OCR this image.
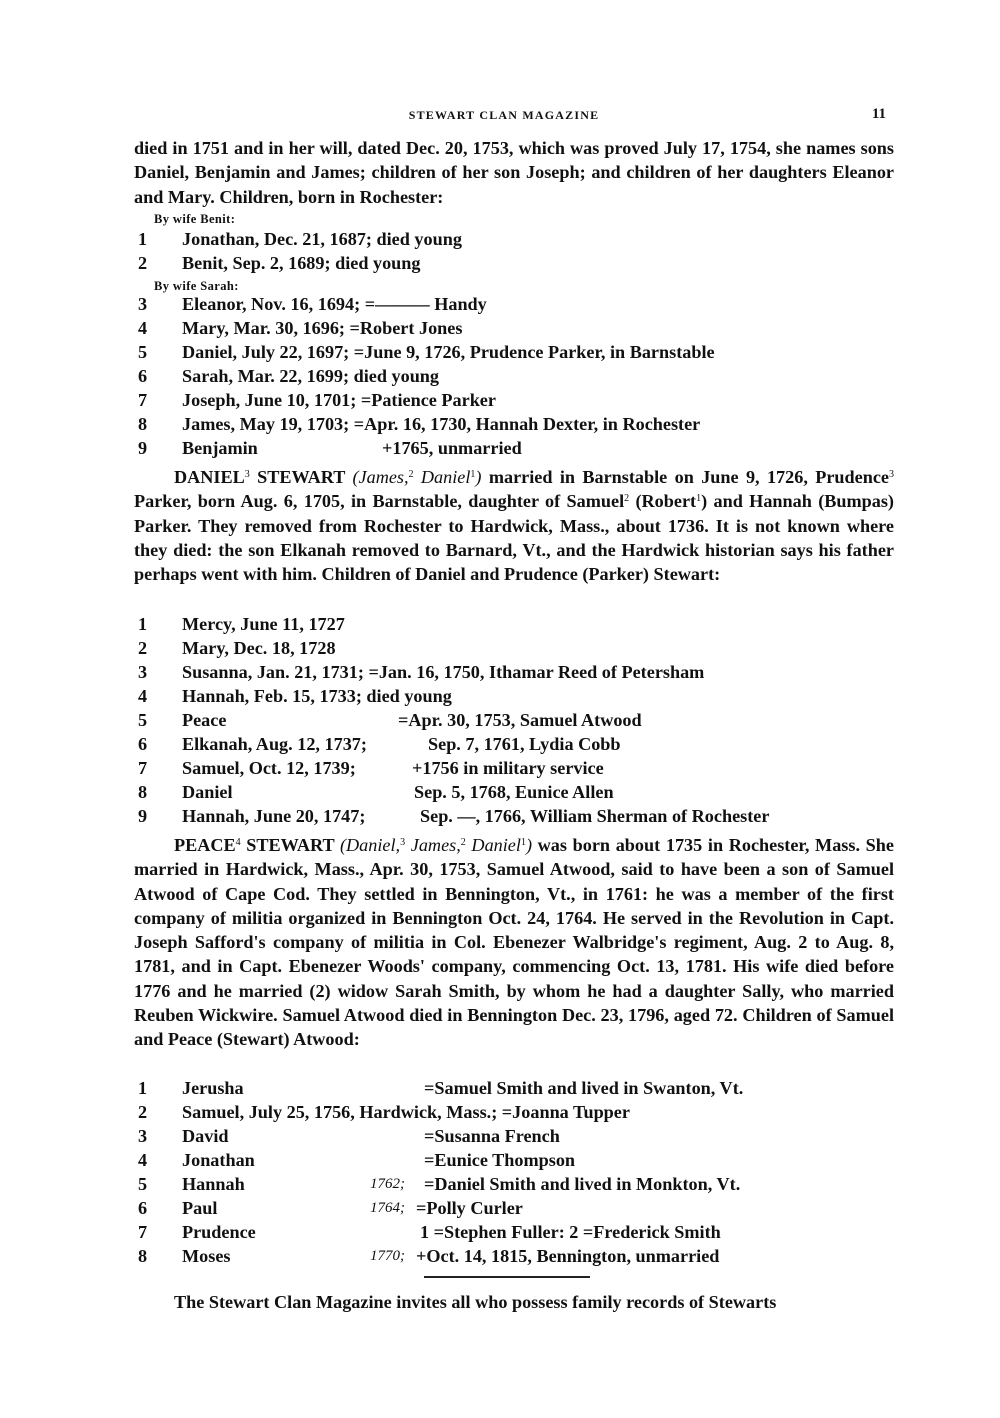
STEWART CLAN MAGAZINE	11

died in 1751 and in her will, dated Dec. 20, 1753, which was proved July 17, 1754, she names sons Daniel, Benjamin and James; children of her son Joseph; and children of her daughters Eleanor and Mary. Children, born in Rochester:

By wife Benit:
1	Jonathan, Dec. 21, 1687; died young
2	Benit, Sep. 2, 1689; died young
By wife Sarah:
3	Eleanor, Nov. 16, 1694; =——— Handy
4	Mary, Mar. 30, 1696; =Robert Jones
5	Daniel, July 22, 1697; =June 9, 1726, Prudence Parker, in Barnstable
6	Sarah, Mar. 22, 1699; died young
7	Joseph, June 10, 1701; =Patience Parker
8	James, May 19, 1703; =Apr. 16, 1730, Hannah Dexter, in Rochester
9	Benjamin	+1765, unmarried

DANIEL$^3$ STEWART (James,$^2$ Daniel$^1$) married in Barnstable on June 9, 1726, Prudence$^3$ Parker, born Aug. 6, 1705, in Barnstable, daughter of Samuel$^2$ (Robert$^1$) and Hannah (Bumpas) Parker. They removed from Rochester to Hardwick, Mass., about 1736. It is not known where they died: the son Elkanah removed to Barnard, Vt., and the Hardwick historian says his father perhaps went with him. Children of Daniel and Prudence (Parker) Stewart:

1	Mercy, June 11, 1727
2	Mary, Dec. 18, 1728
3	Susanna, Jan. 21, 1731; =Jan. 16, 1750, Ithamar Reed of Petersham
4	Hannah, Feb. 15, 1733; died young
5	Peace	=Apr. 30, 1753, Samuel Atwood
6	Elkanah, Aug. 12, 1737;	Sep. 7, 1761, Lydia Cobb
7	Samuel, Oct. 12, 1739;	+1756 in military service
8	Daniel	Sep. 5, 1768, Eunice Allen
9	Hannah, June 20, 1747;	Sep. —, 1766, William Sherman of Rochester

PEACE$^4$ STEWART (Daniel,$^3$ James,$^2$ Daniel$^1$) was born about 1735 in Rochester, Mass. She married in Hardwick, Mass., Apr. 30, 1753, Samuel Atwood, said to have been a son of Samuel Atwood of Cape Cod. They settled in Bennington, Vt., in 1761: he was a member of the first company of militia organized in Bennington Oct. 24, 1764. He served in the Revolution in Capt. Joseph Safford's company of militia in Col. Ebenezer Walbridge's regiment, Aug. 2 to Aug. 8, 1781, and in Capt. Ebenezer Woods' company, commencing Oct. 13, 1781. His wife died before 1776 and he married (2) widow Sarah Smith, by whom he had a daughter Sally, who married Reuben Wickwire. Samuel Atwood died in Bennington Dec. 23, 1796, aged 72. Children of Samuel and Peace (Stewart) Atwood:

1	Jerusha	=Samuel Smith and lived in Swanton, Vt.
2	Samuel, July 25, 1756, Hardwick, Mass.; =Joanna Tupper
3	David	=Susanna French
4	Jonathan	=Eunice Thompson
5	Hannah	1762; =Daniel Smith and lived in Monkton, Vt.
6	Paul	1764; =Polly Curler
7	Prudence	1 =Stephen Fuller: 2 =Frederick Smith
8	Moses	1770; +Oct. 14, 1815, Bennington, unmarried
The Stewart Clan Magazine invites all who possess family records of Stewarts
